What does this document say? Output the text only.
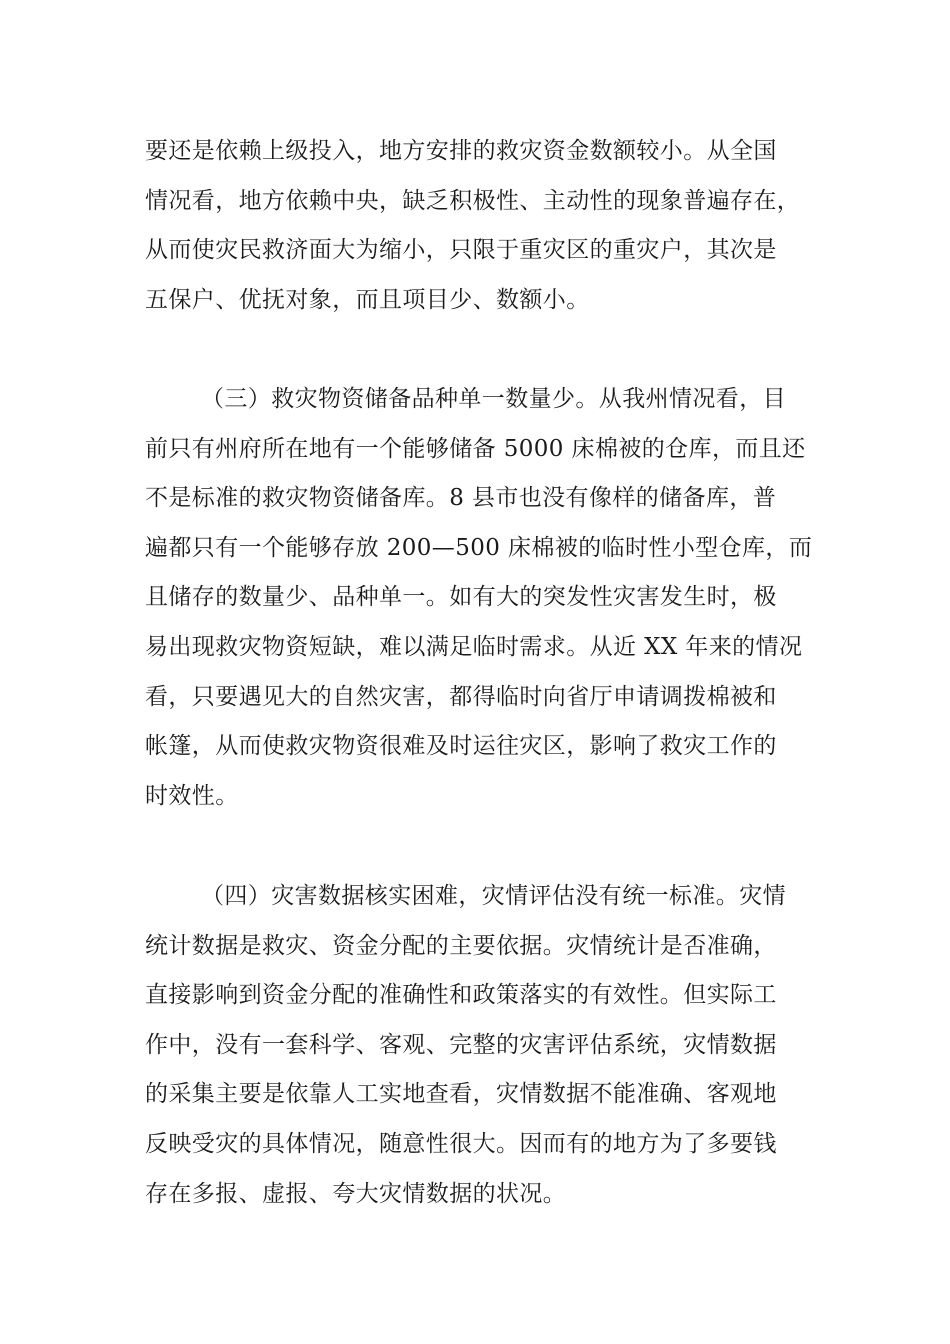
要还是依赖上级投入，地方安排的救灾资金数额较小。从全国
情况看，地方依赖中央，缺乏积极性、主动性的现象普遍存在，
从而使灾民救济面大为缩小，只限于重灾区的重灾户，其次是
五保户、优抚对象，而且项目少、数额小。
（三）救灾物资储备品种单一数量少。从我州情况看，目
前只有州府所在地有一个能够储备 5000 床棉被的仓库，而且还
不是标准的救灾物资储备库。8 县市也没有像样的储备库，普
遍都只有一个能够存放 200—500 床棉被的临时性小型仓库，而
且储存的数量少、品种单一。如有大的突发性灾害发生时，极
易出现救灾物资短缺，难以满足临时需求。从近 XX 年来的情况
看，只要遇见大的自然灾害，都得临时向省厅申请调拨棉被和
帐篷，从而使救灾物资很难及时运往灾区，影响了救灾工作的
时效性。
（四）灾害数据核实困难，灾情评估没有统一标准。灾情
统计数据是救灾、资金分配的主要依据。灾情统计是否准确，
直接影响到资金分配的准确性和政策落实的有效性。但实际工
作中，没有一套科学、客观、完整的灾害评估系统，灾情数据
的采集主要是依靠人工实地查看，灾情数据不能准确、客观地
反映受灾的具体情况，随意性很大。因而有的地方为了多要钱
存在多报、虚报、夸大灾情数据的状况。
